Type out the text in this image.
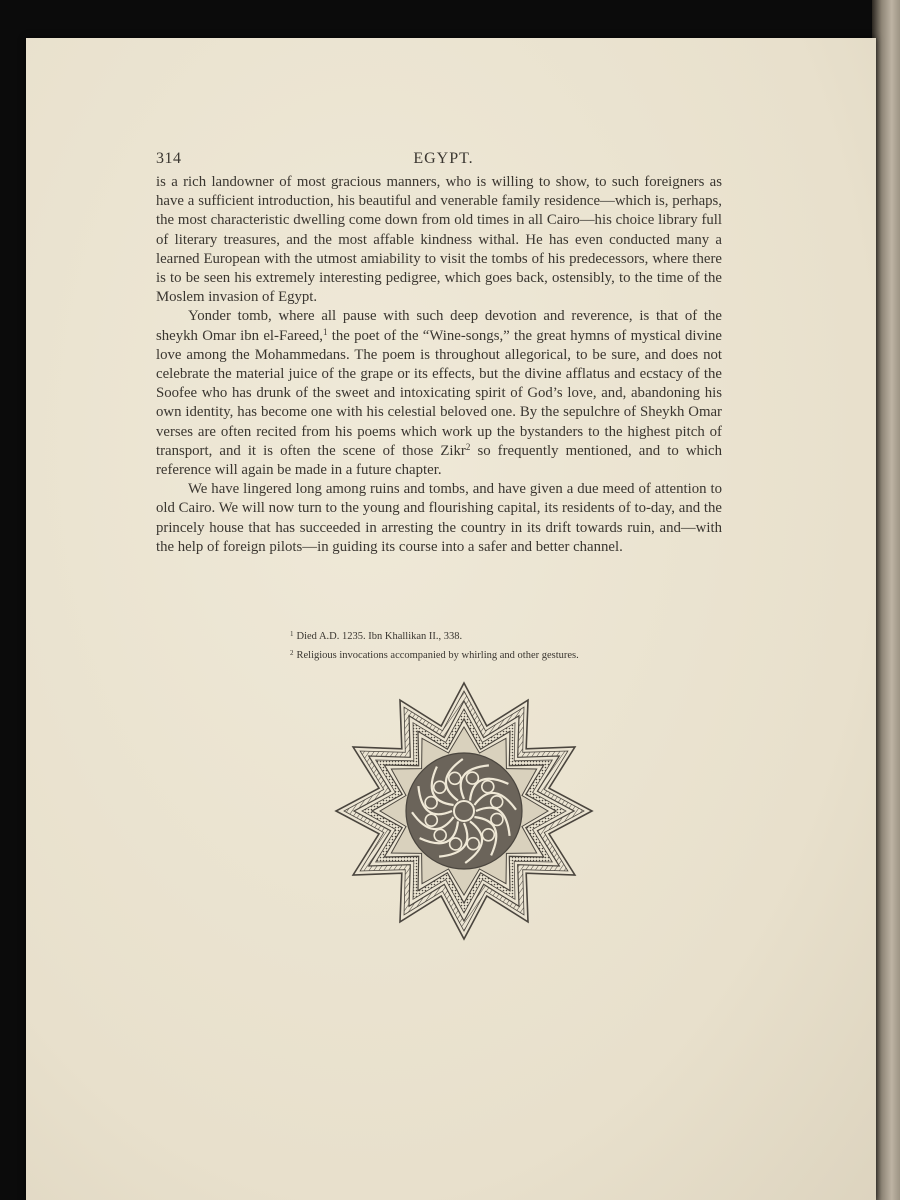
314	EGYPT.

is a rich landowner of most gracious manners, who is willing to show, to such foreigners as have a sufficient introduction, his beautiful and venerable family residence—which is, perhaps, the most characteristic dwelling come down from old times in all Cairo—his choice library full of literary treasures, and the most affable kindness withal. He has even conducted many a learned European with the utmost amiability to visit the tombs of his predecessors, where there is to be seen his extremely interesting pedigree, which goes back, ostensibly, to the time of the Moslem invasion of Egypt.

Yonder tomb, where all pause with such deep devotion and reverence, is that of the sheykh Omar ibn el-Fareed,$^1$ the poet of the “Wine-songs,” the great hymns of mystical divine love among the Mohammedans. The poem is throughout allegorical, to be sure, and does not celebrate the material juice of the grape or its effects, but the divine afflatus and ecstacy of the Soofee who has drunk of the sweet and intoxicating spirit of God’s love, and, abandoning his own identity, has become one with his celestial beloved one. By the sepulchre of Sheykh Omar verses are often recited from his poems which work up the bystanders to the highest pitch of transport, and it is often the scene of those Zikr$^2$ so frequently mentioned, and to which reference will again be made in a future chapter.

We have lingered long among ruins and tombs, and have given a due meed of attention to old Cairo. We will now turn to the young and flourishing capital, its residents of to-day, and the princely house that has succeeded in arresting the country in its drift towards ruin, and—with the help of foreign pilots—in guiding its course into a safer and better channel.

$^1$ Died A.D. 1235. Ibn Khallikan II., 338.
$^2$ Religious invocations accompanied by whirling and other gestures.
